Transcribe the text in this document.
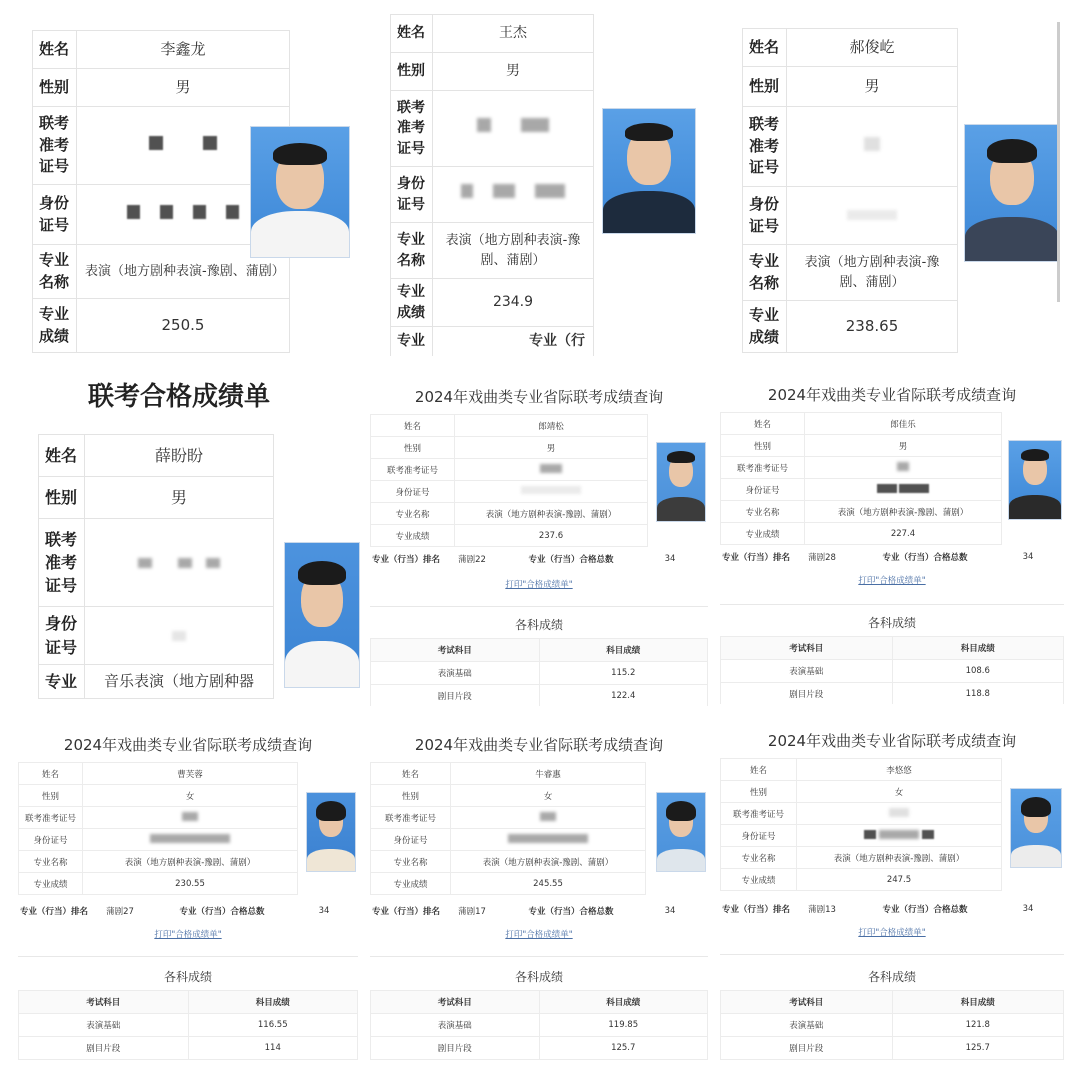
姓名	李鑫龙
性别	男
联考准考证号	
身份证号	
专业名称	表演（地方剧种表演-豫剧、蒲剧）
专业成绩	250.5
姓名	王杰
性别	男
联考准考证号	
身份证号	
专业名称	表演（地方剧种表演-豫剧、蒲剧）
专业成绩	234.9
专业	专业（行
姓名	郝俊屹
性别	男
联考准考证号	
身份证号	
专业名称	表演（地方剧种表演-豫剧、蒲剧）
专业成绩	238.65
联考合格成绩单
姓名	薛盼盼
性别	男
联考准考证号	
身份证号	
专业	音乐表演（地方剧种器
2024年戏曲类专业省际联考成绩查询
姓名	郎靖松
性别	男
联考准考证号	
身份证号	
专业名称	表演（地方剧种表演-豫剧、蒲剧）
专业成绩	237.6
专业（行当）排名	蒲剧22	专业（行当）合格总数	34
打印"合格成绩单"
各科成绩
考试科目	科目成绩
表演基础	115.2
剧目片段	122.4
2024年戏曲类专业省际联考成绩查询
姓名	郎佳乐
性别	男
联考准考证号	
身份证号	
专业名称	表演（地方剧种表演-豫剧、蒲剧）
专业成绩	227.4
专业（行当）排名	蒲剧28	专业（行当）合格总数	34
打印"合格成绩单"
各科成绩
考试科目	科目成绩
表演基础	108.6
剧目片段	118.8
2024年戏曲类专业省际联考成绩查询
姓名	曹芙蓉
性别	女
联考准考证号	
身份证号	
专业名称	表演（地方剧种表演-豫剧、蒲剧）
专业成绩	230.55
专业（行当）排名	蒲剧27	专业（行当）合格总数	34
打印"合格成绩单"
各科成绩
考试科目	科目成绩
表演基础	116.55
剧目片段	114
2024年戏曲类专业省际联考成绩查询
姓名	牛睿惠
性别	女
联考准考证号	
身份证号	
专业名称	表演（地方剧种表演-豫剧、蒲剧）
专业成绩	245.55
专业（行当）排名	蒲剧17	专业（行当）合格总数	34
打印"合格成绩单"
各科成绩
考试科目	科目成绩
表演基础	119.85
剧目片段	125.7
2024年戏曲类专业省际联考成绩查询
姓名	李悠悠
性别	女
联考准考证号	
身份证号	
专业名称	表演（地方剧种表演-豫剧、蒲剧）
专业成绩	247.5
专业（行当）排名	蒲剧13	专业（行当）合格总数	34
打印"合格成绩单"
各科成绩
考试科目	科目成绩
表演基础	121.8
剧目片段	125.7
